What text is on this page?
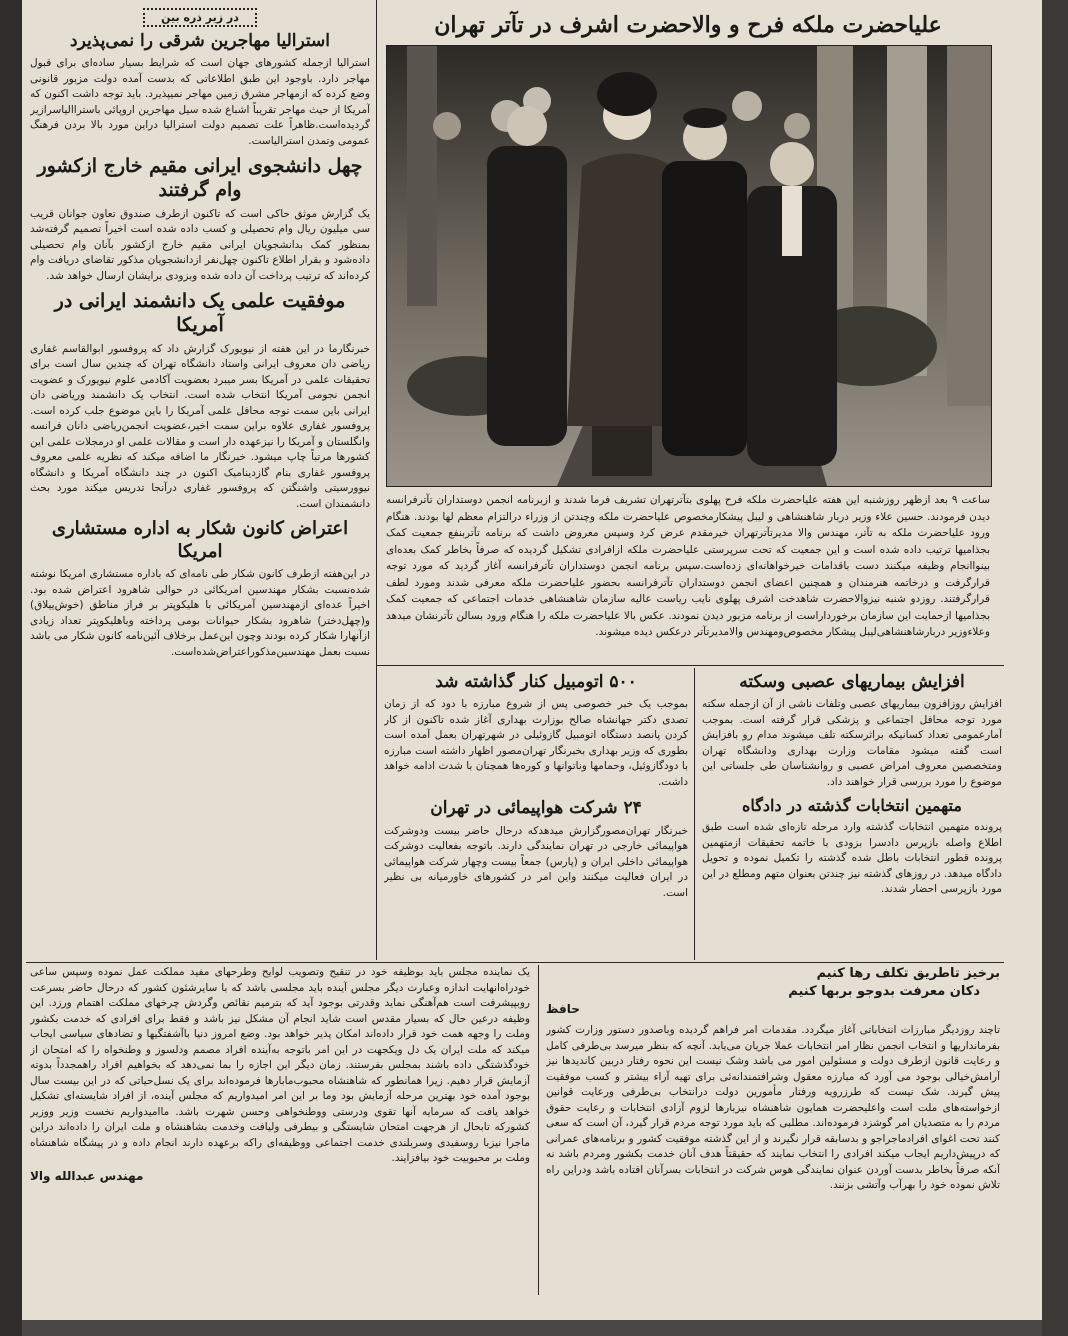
علیاحضرت ملکه فرح و والاحضرت اشرف در تآتر تهران

ساعت ۹ بعد ازظهر روزشنبه این هفته علیاحضرت ملکه فرح پهلوی بتآترتهران تشریف فرما شدند و ازبرنامه انجمن دوستداران تآترفرانسه دیدن فرمودند. حسین علاء وزیر دربار شاهنشاهی و لیبل پیشکارمخصوص علیاحضرت ملکه وچندتن از وزراء درالتزام معظم لها بودند. هنگام ورود علیاحضرت ملکه به تآتر، مهندس والا مدیرتآترتهران خیرمقدم عرض کرد وسپس معروض داشت که برنامه تآتربنفع جمعیت کمک بجذامیها ترتیب داده شده است و این جمعیت که تحت سرپرستی علیاحضرت ملکه ازافرادی تشکیل گردیده که صرفاً بخاطر کمک بعده‌ای بینواانجام وظیفه میکنند دست باقدامات خیرخواهانه‌ای زده‌است.سپس برنامه انجمن دوستداران تآترفرانسه آغاز گردید که مورد توجه قرارگرفت و درخاتمه هنرمندان و همچنین اعضای انجمن دوستداران تآترفرانسه بحضور علیاحضرت ملکه معرفی شدند ومورد لطف قرارگرفتند. روزدو شنبه نیزوالاحضرت شاهدخت اشرف پهلوی نایب ریاست عالیه سازمان شاهنشاهی خدمات اجتماعی که جمعیت کمک بجذامیها ازحمایت این سازمان برخورداراست از برنامه مزبور دیدن نمودند. عکس بالا علیاحضرت ملکه را هنگام ورود بسالن تآترنشان میدهد وعلاءوزیر دربارشاهنشاهی‌لیبل پیشکار مخصوص‌ومهندس والامدیرتآتر درعکس دیده میشوند.

افزایش بیماریهای عصبی وسکته

افزایش روزافزون بیماریهای عصبی وتلفات ناشی از آن ازجمله سکته مورد توجه محافل اجتماعی و پزشکی قرار گرفته است. بموجب آمارعمومی تعداد کسانیکه براثرسکته تلف میشوند مدام رو بافزایش است گفته میشود مقامات وزارت بهداری ودانشگاه تهران ومتخصصین معروف امراض عصبی و روانشناسان طی جلساتی این موضوع را مورد بررسی قرار خواهند داد.

متهمین انتخابات گذشته در دادگاه

پرونده متهمین انتخابات گذشته وارد مرحله تازه‌ای شده است طبق اطلاع واصله بازپرس دادسرا بزودی با خاتمه تحقیقات ازمتهمین پرونده قطور انتخابات باطل شده گذشته را تکمیل نموده و تحویل دادگاه میدهد. در روزهای گذشته نیز چندتن بعنوان متهم ومطلع در این مورد بازپرسی احضار شدند.

۵۰۰ اتومبیل کنار گذاشته شد

بموجب یک خبر خصوصی پس از شروع مبارزه با دود که از زمان تصدی دکتر جهانشاه صالح بوزارت بهداری آغاز شده تاکنون از کار کردن پانصد دستگاه اتومبیل گازوئیلی در شهرتهران بعمل آمده است بطوری که وزیر بهداری بخبرنگار تهران‌مصور اظهار داشته است مبارزه با دودگازوئیل، وحمامها وناتوانها و کوره‌ها همچنان با شدت ادامه خواهد داشت.

۲۴ شرکت هواپیمائی در تهران

خبرنگار تهران‌مصورگزارش میدهدکه درحال حاضر بیست ودوشرکت هواپیمائی خارجی در تهران نمایندگی دارند. باتوجه بفعالیت دوشرکت هواپیمائی داخلی ایران و (پارس) جمعاً بیست وچهار شرکت هواپیمائی در ایران فعالیت میکنند واین امر در کشورهای خاورمیانه بی نظیر است.

در زیر ذره بین
استرالیا مهاجرین شرقی را نمی‌پذیرد

استرالیا ازجمله کشورهای جهان است که شرایط بسیار ساده‌ای برای قبول مهاجر دارد. باوجود این طبق اطلاعاتی که بدست آمده دولت مزبور قانونی وضع کرده که ازمهاجر مشرق زمین مهاجر نمیپذیرد. باید توجه داشت اکنون که آمریکا از حیث مهاجر تقریباً اشباع شده سیل مهاجرین اروپائی باستراالیاسرازیر گردیده‌است.ظاهراً علت تصمیم دولت استرالیا دراین مورد بالا بردن فرهنگ عمومی وتمدن استرالیاست.

چهل دانشجوی ایرانی مقیم خارج ازکشور وام گرفتند

یک گزارش موثق حاکی است که تاکنون ازطرف صندوق تعاون جوانان قریب سی میلیون ریال وام تحصیلی و کسب داده شده است اخیراً تصمیم گرفته‌شد بمنظور کمک بدانشجویان ایرانی مقیم خارج ازکشور بآنان وام تحصیلی داده‌شود و بقرار اطلاع تاکنون چهل‌نفر ازدانشجویان مذکور تقاضای دریافت وام کرده‌اند که ترتیب پرداخت آن داده شده وبزودی برایشان ارسال خواهد شد.

موفقیت علمی یک دانشمند ایرانی در آمریکا

خبرنگارما در این هفته از نیویورک گزارش داد که پروفسور ابوالقاسم غفاری ریاضی دان معروف ایرانی واستاد دانشگاه تهران که چندین سال است برای تحقیقات علمی در آمریکا بسر میبرد بعضویت آکادمی علوم نیویورک و عضویت انجمن نجومی آمریکا انتخاب شده است. انتخاب یک دانشمند وریاضی دان ایرانی باین سمت توجه محافل علمی آمریکا را باین موضوع جلب کرده است. پروفسور غفاری علاوه براین سمت اخیر،عضویت انجمن‌ریاضی دانان فرانسه وانگلستان و آمریکا را نیزعهده دار است و مقالات علمی او درمجلات علمی این کشورها مرتباً چاپ میشود. خبرنگار ما اضافه میکند که نظریه علمی معروف پروفسور غفاری بنام گازدینامیک اکنون در چند دانشگاه آمریکا و دانشگاه نیوورسیتی واشنگتن که پروفسور غفاری درآنجا تدریس میکند مورد بحث دانشمندان است.

اعتراض کانون شکار به اداره مستشاری امریکا

در این‌هفته ازطرف کانون شکار طی نامه‌ای که باداره مستشاری امریکا نوشته شده‌نسبت بشکار مهندسین امریکائی در حوالی شاهرود اعتراض شده بود. اخیراً عده‌ای ازمهندسین آمریکائی با هلیکوپتر بر فراز مناطق (خوش‌ییلاق) و(چهل‌دختر) شاهرود بشکار حیوانات بومی پرداخته وباهلیکوپتر تعداد زیادی ازآنهارا شکار کرده بودند وچون این‌عمل برخلاف آئین‌نامه کانون شکار می باشد نسبت بعمل مهندسین‌مذکوراعتراض‌شده‌است.

برخیز تاطریق تکلف رها کنیم
دکان معرفت بدوجو بربها کنیم
حافظ

تاچند روزدیگر مبارزات انتخاباتی آغاز میگردد. مقدمات امر فراهم گردیده وباصدور دستور وزارت کشور بفرمانداریها و انتخاب انجمن نظار امر انتخابات عملا جریان می‌یابد. آنچه که بنظر میرسد بی‌طرفی کامل و رعایت قانون ازطرف دولت و مسئولین امور می باشد وشک نیست این نحوه رفتار دربین کاندیدها نیز آرامش‌خیالی بوجود می آورد که مبارزه معقول وشرافتمندانه‌ئی برای تهیه آراء بیشتر و کسب موفقیت پیش گیرند. شک نیست که طرزرویه ورفتار مأمورین دولت درانتخاب بی‌طرفی ورعایت قوانین ازخواسته‌های ملت است واعلیحضرت همایون شاهنشاه نیزبارها لزوم آزادی انتخابات و رعایت حقوق مردم را به متصدیان امر گوشزد فرموده‌اند. مطلبی که باید مورد توجه مردم قرار گیرد، آن است که سعی کنند تحت اغوای افرادماجراجو و بدسابقه قرار نگیرند و از این گذشته موفقیت کشور و برنامه‌های عمرانی که درپیش‌داریم ایجاب میکند افرادی را انتخاب نمایند که حقیقتاً هدف آنان خدمت بکشور ومردم باشد نه آنکه صرفاً بخاطر بدست آوردن عنوان نمایندگی هوس شرکت در انتخابات بسرآنان افتاده باشد ودراین راه تلاش نموده خود را بهرآب وآتشی بزنند.

یک نماینده مجلس باید بوظیفه خود در تنقیح وتصویب لوایح وطرحهای مفید مملکت عمل نموده وسپس ساعی خودراه‌انهایت اندازه وعبارت دیگر مجلس آینده باید مجلسی باشد که با سایرشئون کشور که درحال حاضر بسرعت روبپیشرفت است هم‌آهنگی نماید وقدرتی بوجود آید که بترمیم نقائص وگردش چرخهای مملکت اهتمام ورزد. این وظیفه درعین حال که بسیار مقدس است شاید انجام آن مشکل نیز باشد و فقط برای افرادی که خدمت بکشور وملت را وجهه همت خود قرار داده‌اند امکان پذیر خواهد بود. وضع امروز دنیا باآشفتگیها و تضادهای سیاسی ایجاب میکند که ملت ایران یک دل ویکجهت در این امر باتوجه به‌آینده افراد مصمم ودلسوز و وطنخواه را که امتحان از خودگذشتگی داده باشند بمجلس بفرستند. زمان دیگر این اجازه را بما نمی‌دهد که بخواهیم افراد راهمجدداً بدوته آزمایش قرار دهیم. زیرا همانطور که شاهنشاه محبوب‌مابارها فرموده‌اند برای یک نسل‌حیاتی که در این بیست سال بوجود آمده خود بهترین مرحله آزمایش بود وما بر این امر امیدواریم که مجلس آینده، از افراد شایسته‌ای تشکیل خواهد یافت که سرمایه آنها تقوی ودرستی ووطنخواهی وحسن شهرت باشد. مااميدواريم نخست وزير ووزير كشوركه تابحال از هرجهت امتحان شايستگی و بيطرفی وليافت وخدمت بشاهنشاه و ملت ايران را داده‌اند دراين ماجرا نيزبا روسفيدی وسربلندی خدمت اجتماعی ووظيفه‌ای راكه برعهده دارند انجام داده و در پيشگاه شاهنشاه وملت بر محبوبيت خود بيافزايند.

مهندس عبدالله والا
